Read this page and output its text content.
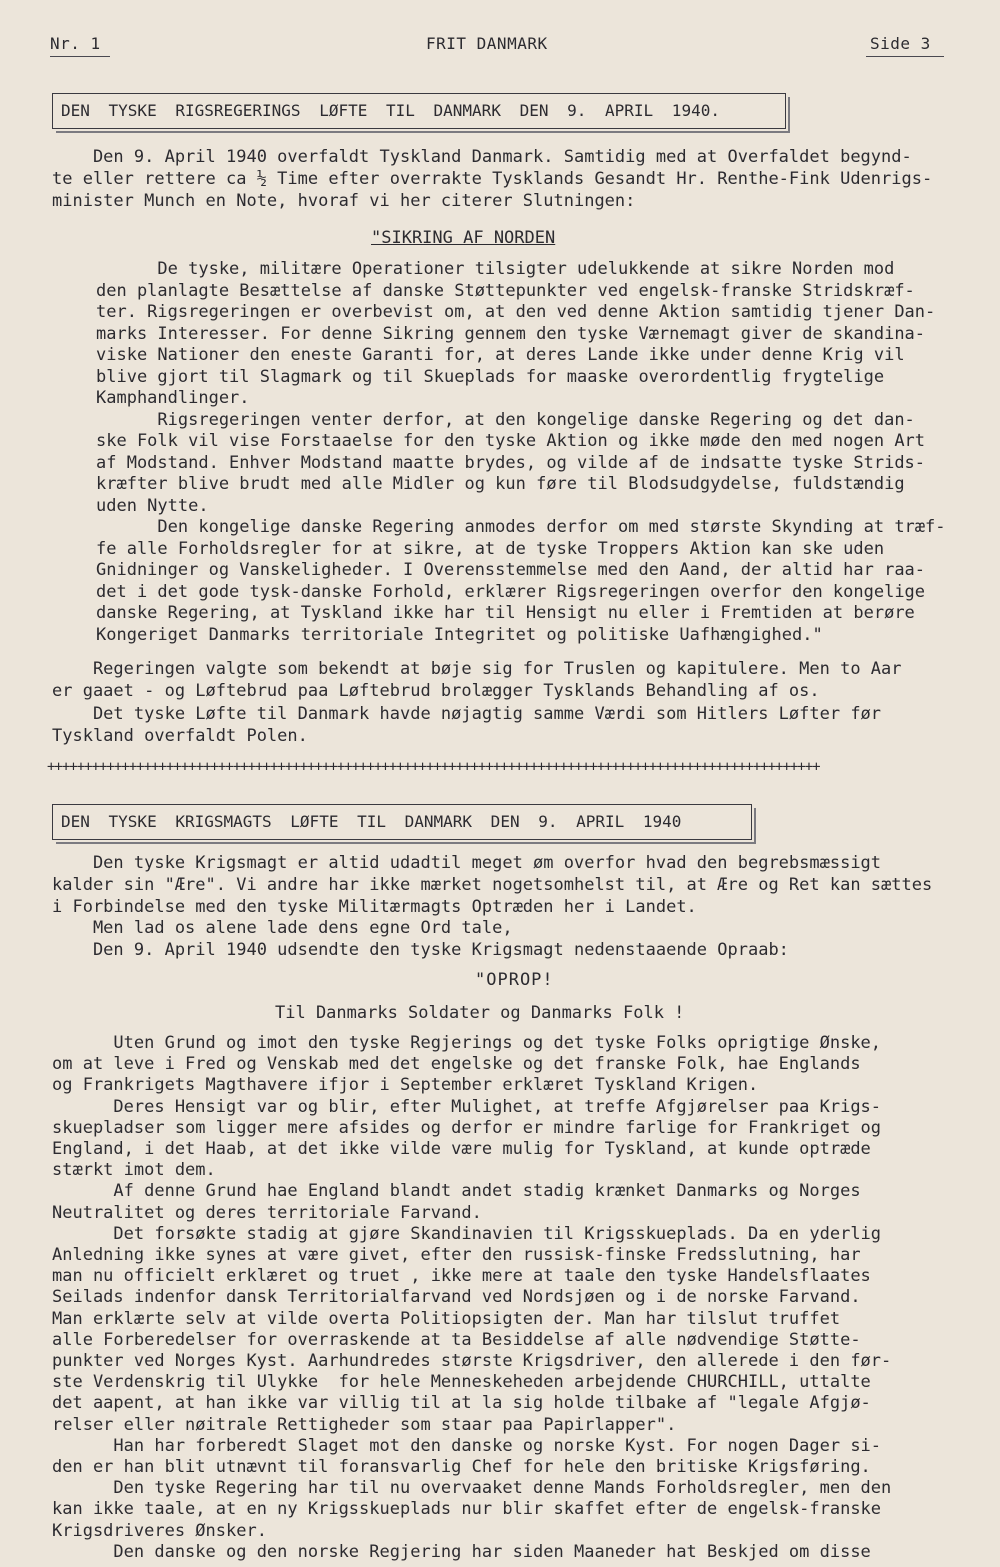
Nr. 1	FRIT DANMARK	Side 3
DEN TYSKE RIGSREGERINGS LØFTE TIL DANMARK DEN 9. APRIL 1940.
Den 9. April 1940 overfaldt Tyskland Danmark. Samtidig med at Overfaldet begynd-
te eller rettere ca ½ Time efter overrakte Tysklands Gesandt Hr. Renthe-Fink Udenrigs-
minister Munch en Note, hvoraf vi her citerer Slutningen:
"SIKRING AF NORDEN
De tyske, militære Operationer tilsigter udelukkende at sikre Norden mod
den planlagte Besættelse af danske Støttepunkter ved engelsk-franske Stridskræf-
ter. Rigsregeringen er overbevist om, at den ved denne Aktion samtidig tjener Dan-
marks Interesser. For denne Sikring gennem den tyske Værnemagt giver de skandina-
viske Nationer den eneste Garanti for, at deres Lande ikke under denne Krig vil
blive gjort til Slagmark og til Skueplads for maaske overordentlig frygtelige
Kamphandlinger.
Rigsregeringen venter derfor, at den kongelige danske Regering og det dan-
ske Folk vil vise Forstaaelse for den tyske Aktion og ikke møde den med nogen Art
af Modstand. Enhver Modstand maatte brydes, og vilde af de indsatte tyske Strids-
kræfter blive brudt med alle Midler og kun føre til Blodsudgydelse, fuldstændig
uden Nytte.
Den kongelige danske Regering anmodes derfor om med største Skynding at træf-
fe alle Forholdsregler for at sikre, at de tyske Troppers Aktion kan ske uden
Gnidninger og Vanskeligheder. I Overensstemmelse med den Aand, der altid har raa-
det i det gode tysk-danske Forhold, erklærer Rigsregeringen overfor den kongelige
danske Regering, at Tyskland ikke har til Hensigt nu eller i Fremtiden at berøre
Kongeriget Danmarks territoriale Integritet og politiske Uafhængighed."
Regeringen valgte som bekendt at bøje sig for Truslen og kapitulere. Men to Aar
er gaaet - og Løftebrud paa Løftebrud brolægger Tysklands Behandling af os.
Det tyske Løfte til Danmark havde nøjagtig samme Værdi som Hitlers Løfter før
Tyskland overfaldt Polen.
++++++++++++++++++++++++++++++++++++++++++++++++++++++++++++++++++++++++++++++++++++++++++++++++++++++++
DEN TYSKE KRIGSMAGTS LØFTE TIL DANMARK DEN 9. APRIL 1940
Den tyske Krigsmagt er altid udadtil meget øm overfor hvad den begrebsmæssigt
kalder sin "Ære". Vi andre har ikke mærket nogetsomhelst til, at Ære og Ret kan sættes
i Forbindelse med den tyske Militærmagts Optræden her i Landet.
Men lad os alene lade dens egne Ord tale,
Den 9. April 1940 udsendte den tyske Krigsmagt nedenstaaende Opraab:
"OPROP!
Til Danmarks Soldater og Danmarks Folk !
Uten Grund og imot den tyske Regjerings og det tyske Folks oprigtige Ønske,
om at leve i Fred og Venskab med det engelske og det franske Folk, hae Englands
og Frankrigets Magthavere ifjor i September erklæret Tyskland Krigen.
Deres Hensigt var og blir, efter Mulighet, at treffe Afgjørelser paa Krigs-
skuepladser som ligger mere afsides og derfor er mindre farlige for Frankriget og
England, i det Haab, at det ikke vilde være mulig for Tyskland, at kunde optræde
stærkt imot dem.
Af denne Grund hae England blandt andet stadig krænket Danmarks og Norges
Neutralitet og deres territoriale Farvand.
Det forsøkte stadig at gjøre Skandinavien til Krigsskueplads. Da en yderlig
Anledning ikke synes at være givet, efter den russisk-finske Fredsslutning, har
man nu officielt erklæret og truet , ikke mere at taale den tyske Handelsflaates
Seilads indenfor dansk Territorialfarvand ved Nordsjøen og i de norske Farvand.
Man erklærte selv at vilde overta Politiopsigten der. Man har tilslut truffet
alle Forberedelser for overraskende at ta Besiddelse af alle nødvendige Støtte-
punkter ved Norges Kyst. Aarhundredes største Krigsdriver, den allerede i den før-
ste Verdenskrig til Ulykke  for hele Menneskeheden arbejdende CHURCHILL, uttalte
det aapent, at han ikke var villig til at la sig holde tilbake af "legale Afgjø-
relser eller nøitrale Rettigheder som staar paa Papirlapper".
Han har forberedt Slaget mot den danske og norske Kyst. For nogen Dager si-
den er han blit utnævnt til foransvarlig Chef for hele den britiske Krigsføring.
Den tyske Regering har til nu overvaaket denne Mands Forholdsregler, men den
kan ikke taale, at en ny Krigsskueplads nur blir skaffet efter de engelsk-franske
Krigsdriveres Ønsker.
Den danske og den norske Regjering har siden Maaneder hat Beskjed om disse
